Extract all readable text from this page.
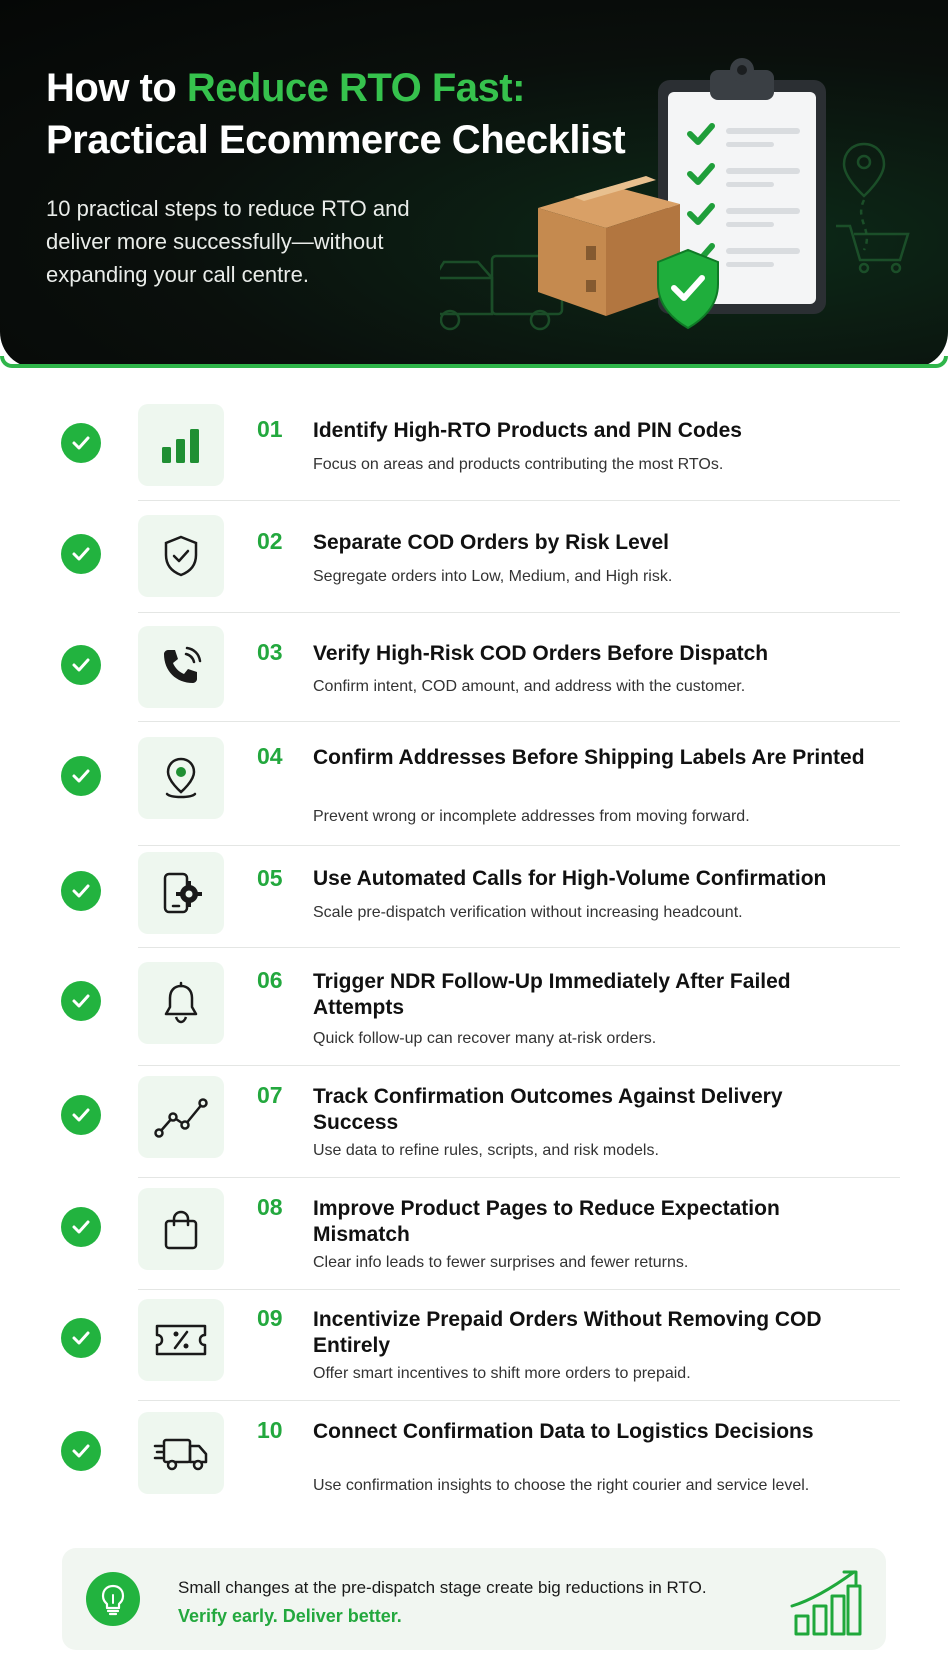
How to Reduce RTO Fast:
Practical Ecommerce Checklist
10 practical steps to reduce RTO and deliver more successfully—without expanding your call centre.
01 Identify High-RTO Products and PIN Codes
Focus on areas and products contributing the most RTOs.
02 Separate COD Orders by Risk Level
Segregate orders into Low, Medium, and High risk.
03 Verify High-Risk COD Orders Before Dispatch
Confirm intent, COD amount, and address with the customer.
04 Confirm Addresses Before Shipping Labels Are Printed
Prevent wrong or incomplete addresses from moving forward.
05 Use Automated Calls for High-Volume Confirmation
Scale pre-dispatch verification without increasing headcount.
06 Trigger NDR Follow-Up Immediately After Failed Attempts
Quick follow-up can recover many at-risk orders.
07 Track Confirmation Outcomes Against Delivery Success
Use data to refine rules, scripts, and risk models.
08 Improve Product Pages to Reduce Expectation Mismatch
Clear info leads to fewer surprises and fewer returns.
09 Incentivize Prepaid Orders Without Removing COD Entirely
Offer smart incentives to shift more orders to prepaid.
10 Connect Confirmation Data to Logistics Decisions
Use confirmation insights to choose the right courier and service level.
Small changes at the pre-dispatch stage create big reductions in RTO.
Verify early. Deliver better.
